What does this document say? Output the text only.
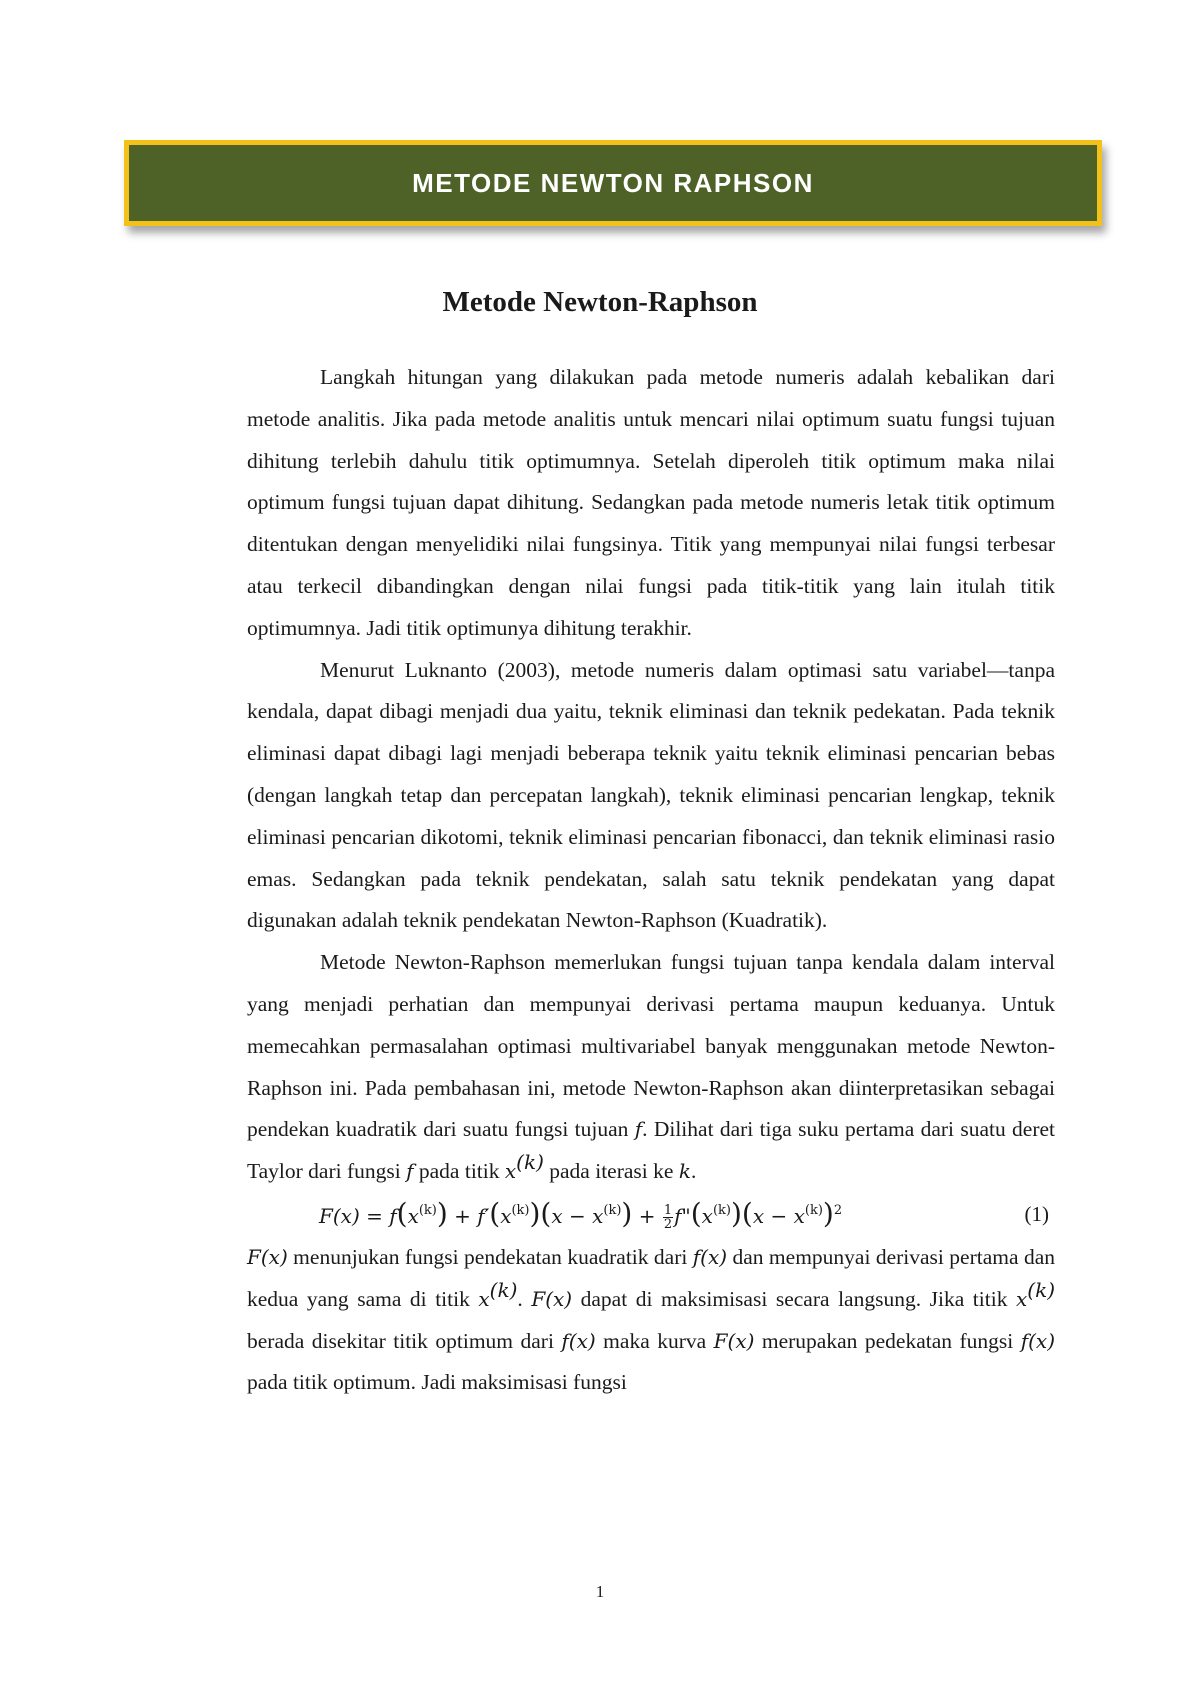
METODE NEWTON RAPHSON
Metode Newton-Raphson

Langkah hitungan yang dilakukan pada metode numeris adalah kebalikan dari metode analitis. Jika pada metode analitis untuk mencari nilai optimum suatu fungsi tujuan dihitung terlebih dahulu titik optimumnya. Setelah diperoleh titik optimum maka nilai optimum fungsi tujuan dapat dihitung. Sedangkan pada metode numeris letak titik optimum ditentukan dengan menyelidiki nilai fungsinya. Titik yang mempunyai nilai fungsi terbesar atau terkecil dibandingkan dengan nilai fungsi pada titik-titik yang lain itulah titik optimumnya. Jadi titik optimunya dihitung terakhir.

Menurut Luknanto (2003), metode numeris dalam optimasi satu variabel—tanpa kendala, dapat dibagi menjadi dua yaitu, teknik eliminasi dan teknik pedekatan. Pada teknik eliminasi dapat dibagi lagi menjadi beberapa teknik yaitu teknik eliminasi pencarian bebas (dengan langkah tetap dan percepatan langkah), teknik eliminasi pencarian lengkap, teknik eliminasi pencarian dikotomi, teknik eliminasi pencarian fibonacci, dan teknik eliminasi rasio emas. Sedangkan pada teknik pendekatan, salah satu teknik pendekatan yang dapat digunakan adalah teknik pendekatan Newton-Raphson (Kuadratik).

Metode Newton-Raphson memerlukan fungsi tujuan tanpa kendala dalam interval yang menjadi perhatian dan mempunyai derivasi pertama maupun keduanya. Untuk memecahkan permasalahan optimasi multivariabel banyak menggunakan metode Newton-Raphson ini. Pada pembahasan ini, metode Newton-Raphson akan diinterpretasikan sebagai pendekan kuadratik dari suatu fungsi tujuan f. Dilihat dari tiga suku pertama dari suatu deret Taylor dari fungsi f pada titik $x^{(k)}$ pada iterasi ke k.

$F(x) = f(x^{(k)}) + f'(x^{(k)})(x - x^{(k)}) + \frac{1}{2}$ $f"(x^{(k)})(x - x^{(k)})^2$	(1)

F(x) menunjukan fungsi pendekatan kuadratik dari f(x) dan mempunyai derivasi pertama dan kedua yang sama di titik $x^{(k)}$. F(x) dapat di maksimisasi secara langsung. Jika titik $x^{(k)}$ berada disekitar titik optimum dari f(x) maka kurva F(x) merupakan pedekatan fungsi f(x) pada titik optimum. Jadi maksimisasi fungsi

1
